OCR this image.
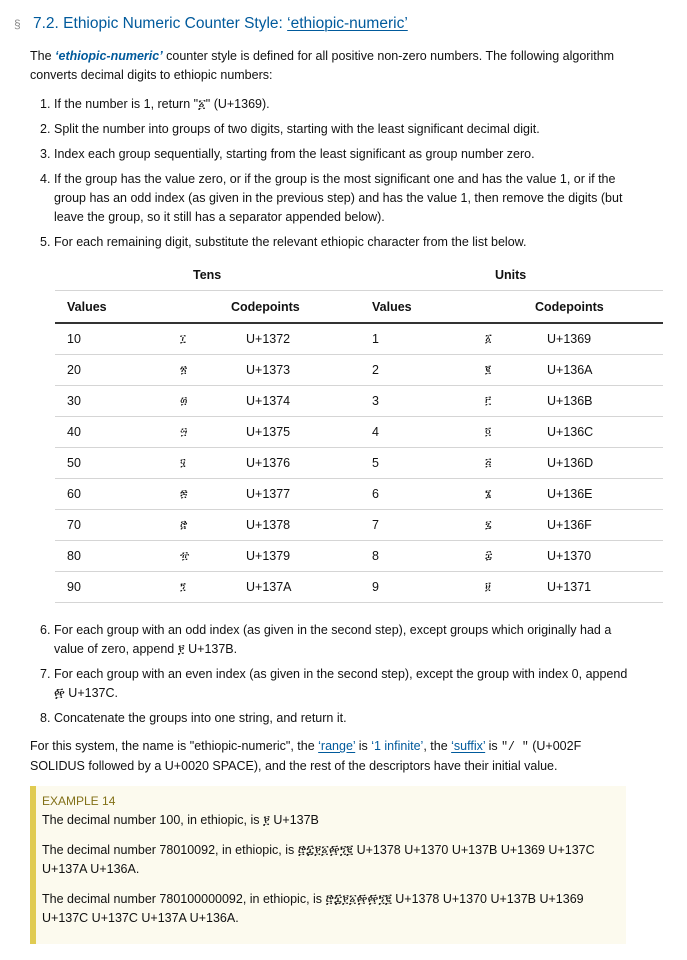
§ 7.2. Ethiopic Numeric Counter Style: ‘ethiopic-numeric’
The ‘ethiopic-numeric’ counter style is defined for all positive non-zero numbers. The following algorithm converts decimal digits to ethiopic numbers:
1. If the number is 1, return "፩" (U+1369).
2. Split the number into groups of two digits, starting with the least significant decimal digit.
3. Index each group sequentially, starting from the least significant as group number zero.
4. If the group has the value zero, or if the group is the most significant one and has the value 1, or if the group has an odd index (as given in the previous step) and has the value 1, then remove the digits (but leave the group, so it still has a separator appended below).
5. For each remaining digit, substitute the relevant ethiopic character from the list below.
Tens	Units
Values	Codepoints	Values	Codepoints
10	፲	U+1372	1	፩	U+1369
20	፳	U+1373	2	፪	U+136A
30	፴	U+1374	3	፫	U+136B
40	፵	U+1375	4	፬	U+136C
50	፶	U+1376	5	፭	U+136D
60	፷	U+1377	6	፮	U+136E
70	፸	U+1378	7	፯	U+136F
80	፹	U+1379	8	፰	U+1370
90	፺	U+137A	9	፱	U+1371
6. For each group with an odd index (as given in the second step), except groups which originally had a value of zero, append ፻ U+137B.
7. For each group with an even index (as given in the second step), except the group with index 0, append ፼ U+137C.
8. Concatenate the groups into one string, and return it.
For this system, the name is "ethiopic-numeric", the ‘range’ is ‘1 infinite’, the ‘suffix’ is "/ " (U+002F SOLIDUS followed by a U+0020 SPACE), and the rest of the descriptors have their initial value.
EXAMPLE 14

The decimal number 100, in ethiopic, is ፻ U+137B

The decimal number 78010092, in ethiopic, is ፸፰፻፩፼፺፪ U+1378 U+1370 U+137B U+1369 U+137C U+137A U+136A.

The decimal number 780100000092, in ethiopic, is ፸፰፻፩፼፼፺፪ U+1378 U+1370 U+137B U+1369 U+137C U+137C U+137A U+136A.
